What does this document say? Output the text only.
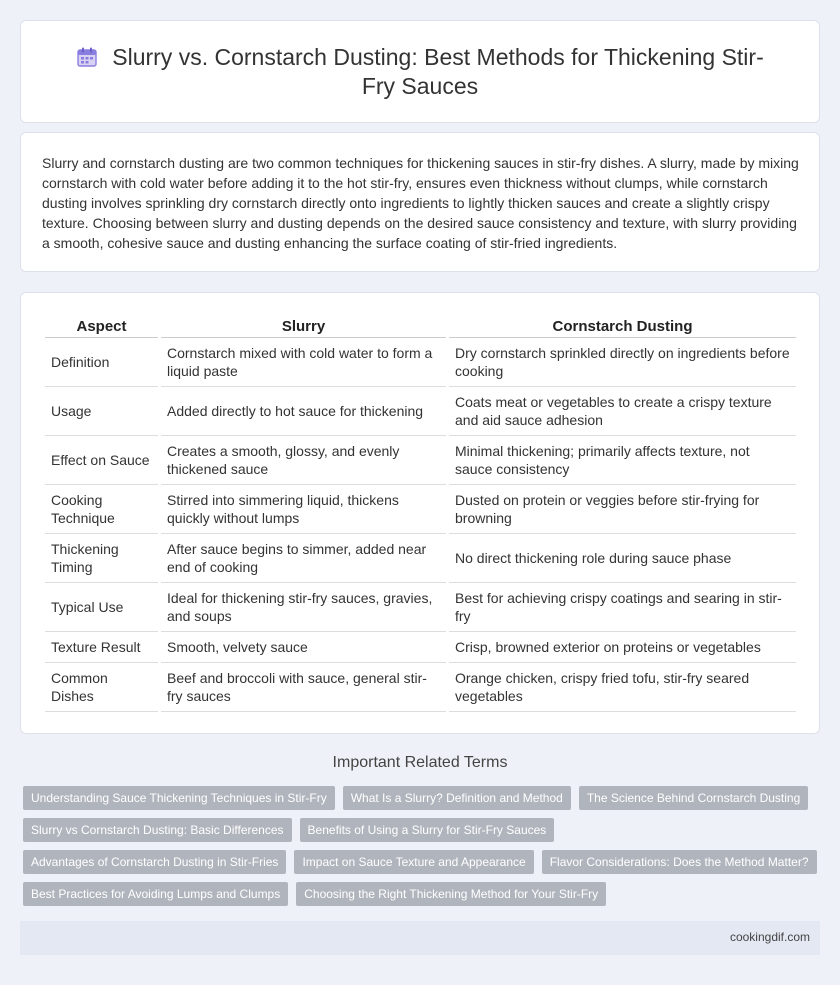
Slurry vs. Cornstarch Dusting: Best Methods for Thickening Stir-Fry Sauces

Slurry and cornstarch dusting are two common techniques for thickening sauces in stir-fry dishes. A slurry, made by mixing cornstarch with cold water before adding it to the hot stir-fry, ensures even thickness without clumps, while cornstarch dusting involves sprinkling dry cornstarch directly onto ingredients to lightly thicken sauces and create a slightly crispy texture. Choosing between slurry and dusting depends on the desired sauce consistency and texture, with slurry providing a smooth, cohesive sauce and dusting enhancing the surface coating of stir-fried ingredients.

Aspect	Slurry	Cornstarch Dusting
Definition	Cornstarch mixed with cold water to form a liquid paste	Dry cornstarch sprinkled directly on ingredients before cooking
Usage	Added directly to hot sauce for thickening	Coats meat or vegetables to create a crispy texture and aid sauce adhesion
Effect on Sauce	Creates a smooth, glossy, and evenly thickened sauce	Minimal thickening; primarily affects texture, not sauce consistency
Cooking Technique	Stirred into simmering liquid, thickens quickly without lumps	Dusted on protein or veggies before stir-frying for browning
Thickening Timing	After sauce begins to simmer, added near end of cooking	No direct thickening role during sauce phase
Typical Use	Ideal for thickening stir-fry sauces, gravies, and soups	Best for achieving crispy coatings and searing in stir-fry
Texture Result	Smooth, velvety sauce	Crisp, browned exterior on proteins or vegetables
Common Dishes	Beef and broccoli with sauce, general stir-fry sauces	Orange chicken, crispy fried tofu, stir-fry seared vegetables
Important Related Terms
Understanding Sauce Thickening Techniques in Stir-Fry	What Is a Slurry? Definition and Method	The Science Behind Cornstarch Dusting
Slurry vs Cornstarch Dusting: Basic Differences	Benefits of Using a Slurry for Stir-Fry Sauces
Advantages of Cornstarch Dusting in Stir-Fries	Impact on Sauce Texture and Appearance	Flavor Considerations: Does the Method Matter?
Best Practices for Avoiding Lumps and Clumps	Choosing the Right Thickening Method for Your Stir-Fry
cookingdif.com
